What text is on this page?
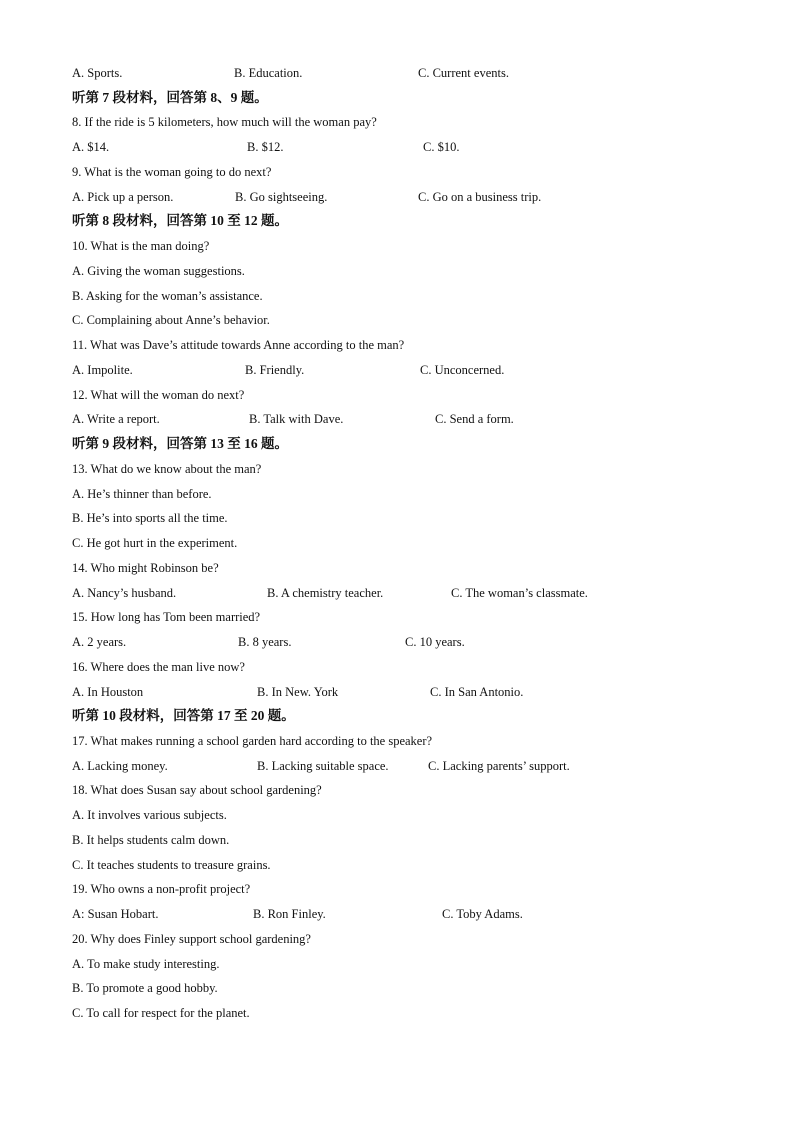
A. Sports.	B. Education.	C. Current events.
听第 7 段材料，回答第 8、9 题。
8. If the ride is 5 kilometers, how much will the woman pay?
A. $14.	B. $12.	C. $10.
9. What is the woman going to do next?
A. Pick up a person.	B. Go sightseeing.	C. Go on a business trip.
听第 8 段材料，回答第 10 至 12 题。
10. What is the man doing?
A. Giving the woman suggestions.
B. Asking for the woman’s assistance.
C. Complaining about Anne’s behavior.
11. What was Dave’s attitude towards Anne according to the man?
A. Impolite.	B. Friendly.	C. Unconcerned.
12. What will the woman do next?
A. Write a report.	B. Talk with Dave.	C. Send a form.
听第 9 段材料，回答第 13 至 16 题。
13. What do we know about the man?
A. He’s thinner than before.
B. He’s into sports all the time.
C. He got hurt in the experiment.
14. Who might Robinson be?
A. Nancy’s husband.	B. A chemistry teacher.	C. The woman’s classmate.
15. How long has Tom been married?
A. 2 years.	B. 8 years.	C. 10 years.
16. Where does the man live now?
A. In Houston	B. In New. York	C. In San Antonio.
听第 10 段材料，回答第 17 至 20 题。
17. What makes running a school garden hard according to the speaker?
A. Lacking money.	B. Lacking suitable space.	C. Lacking parents’ support.
18. What does Susan say about school gardening?
A. It involves various subjects.
B. It helps students calm down.
C. It teaches students to treasure grains.
19. Who owns a non-profit project?
A: Susan Hobart.	B. Ron Finley.	C. Toby Adams.
20. Why does Finley support school gardening?
A. To make study interesting.
B. To promote a good hobby.
C. To call for respect for the planet.
